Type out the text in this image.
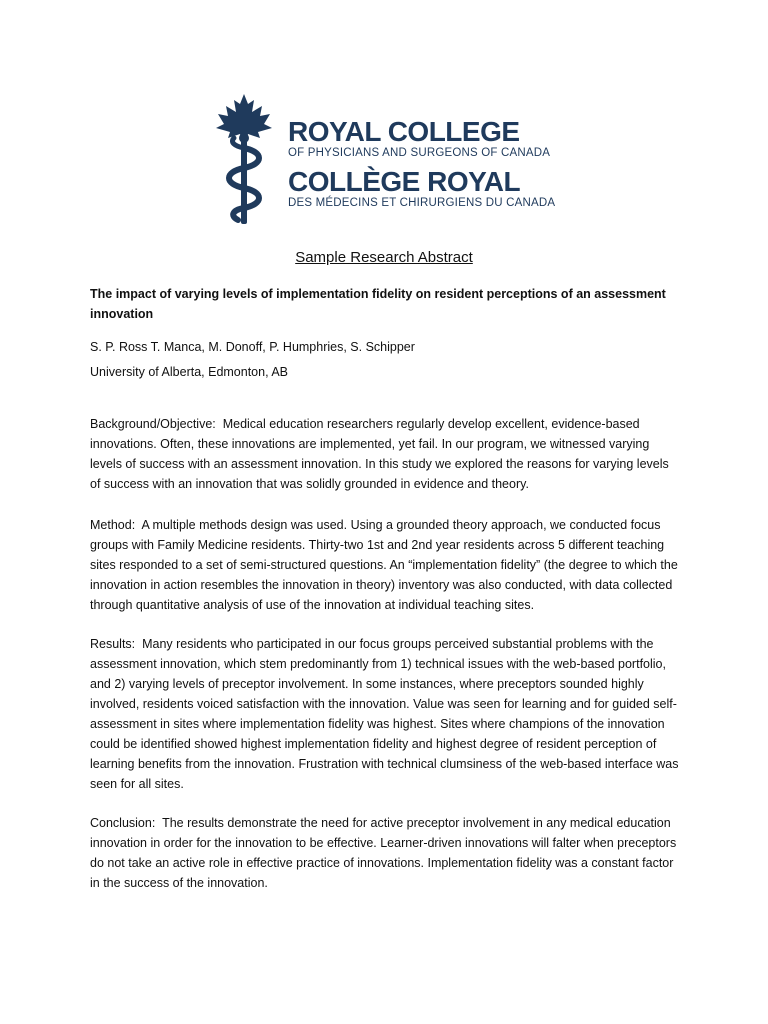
ROYAL COLLEGE
OF PHYSICIANS AND SURGEONS OF CANADA
COLLÈGE ROYAL
DES MÉDECINS ET CHIRURGIENS DU CANADA
Sample Research Abstract
The impact of varying levels of implementation fidelity on resident perceptions of an assessment innovation
S. P. Ross T. Manca, M. Donoff, P. Humphries, S. Schipper
University of Alberta, Edmonton, AB
Background/Objective: Medical education researchers regularly develop excellent, evidence-based innovations. Often, these innovations are implemented, yet fail. In our program, we witnessed varying levels of success with an assessment innovation. In this study we explored the reasons for varying levels of success with an innovation that was solidly grounded in evidence and theory.
Method: A multiple methods design was used. Using a grounded theory approach, we conducted focus groups with Family Medicine residents. Thirty-two 1st and 2nd year residents across 5 different teaching sites responded to a set of semi-structured questions. An “implementation fidelity” (the degree to which the innovation in action resembles the innovation in theory) inventory was also conducted, with data collected through quantitative analysis of use of the innovation at individual teaching sites.
Results: Many residents who participated in our focus groups perceived substantial problems with the assessment innovation, which stem predominantly from 1) technical issues with the web-based portfolio, and 2) varying levels of preceptor involvement. In some instances, where preceptors sounded highly involved, residents voiced satisfaction with the innovation. Value was seen for learning and for guided self-assessment in sites where implementation fidelity was highest. Sites where champions of the innovation could be identified showed highest implementation fidelity and highest degree of resident perception of learning benefits from the innovation. Frustration with technical clumsiness of the web-based interface was seen for all sites.
Conclusion: The results demonstrate the need for active preceptor involvement in any medical education innovation in order for the innovation to be effective. Learner-driven innovations will falter when preceptors do not take an active role in effective practice of innovations. Implementation fidelity was a constant factor in the success of the innovation.
